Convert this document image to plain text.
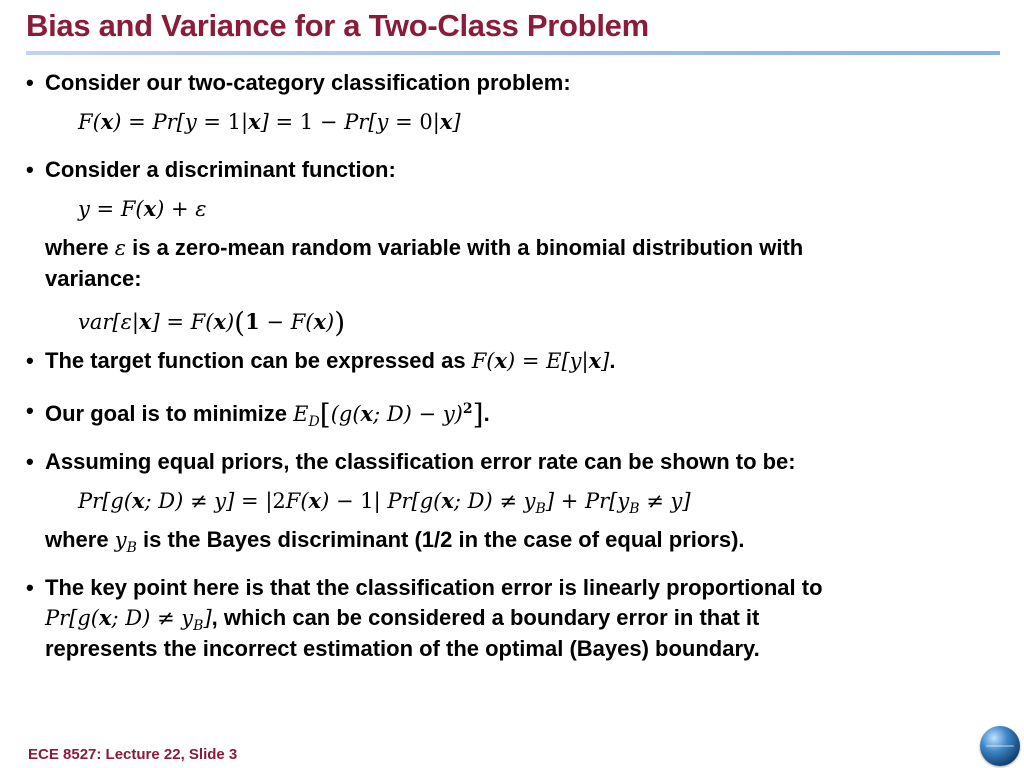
Bias and Variance for a Two-Class Problem
• Consider our two-category classification problem:
F(x) = Pr[y = 1|x] = 1 − Pr[y = 0|x]
• Consider a discriminant function:
y = F(x) + ε
where ε is a zero-mean random variable with a binomial distribution with
variance:
var[ε|x] = F(x)(1 − F(x))
• The target function can be expressed as F(x) = E[y|x].
• Our goal is to minimize $E_D[(g(x$; D) − y)$^2$].
• Assuming equal priors, the classification error rate can be shown to be:
Pr[g(x; D) ≠ y] = |2F(x) − 1| Pr[g(x; $D) \ne y_B] + Pr[y_B \ne y]$
where $y_B$ is the Bayes discriminant (1/2 in the case of equal priors).
• The key point here is that the classification error is linearly proportional to
Pr[g(x; $D) \ne y_B$], which can be considered a boundary error in that it
represents the incorrect estimation of the optimal (Bayes) boundary.
ECE 8527: Lecture 22, Slide 3
